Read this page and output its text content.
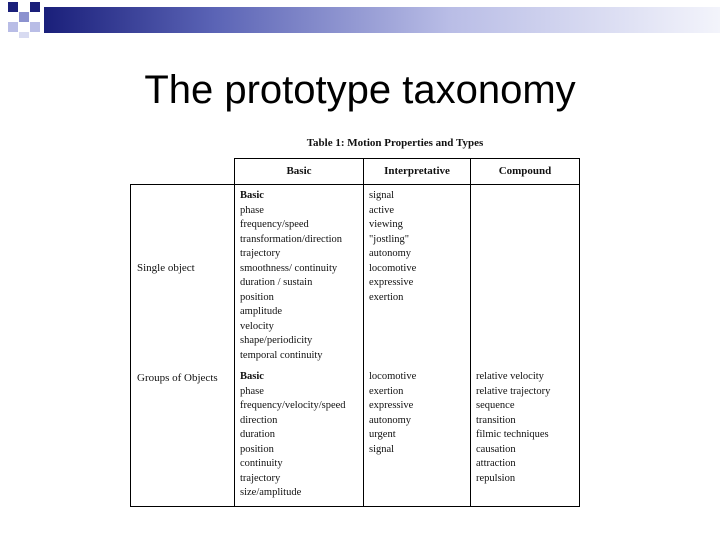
The prototype taxonomy
Table 1: Motion Properties and Types
Basic	Interpretative	Compound
Single object
Groups of Objects
Basic
phase
frequency/speed
transformation/direction
trajectory
smoothness/ continuity
duration / sustain
position
amplitude
velocity
shape/periodicity
temporal continuity
signal
active
viewing
"jostling"
autonomy
locomotive
expressive
exertion
Basic
phase
frequency/velocity/speed
direction
duration
position
continuity
trajectory
size/amplitude
locomotive
exertion
expressive
autonomy
urgent
signal
relative velocity
relative trajectory
sequence
transition
filmic techniques
causation
attraction
repulsion
